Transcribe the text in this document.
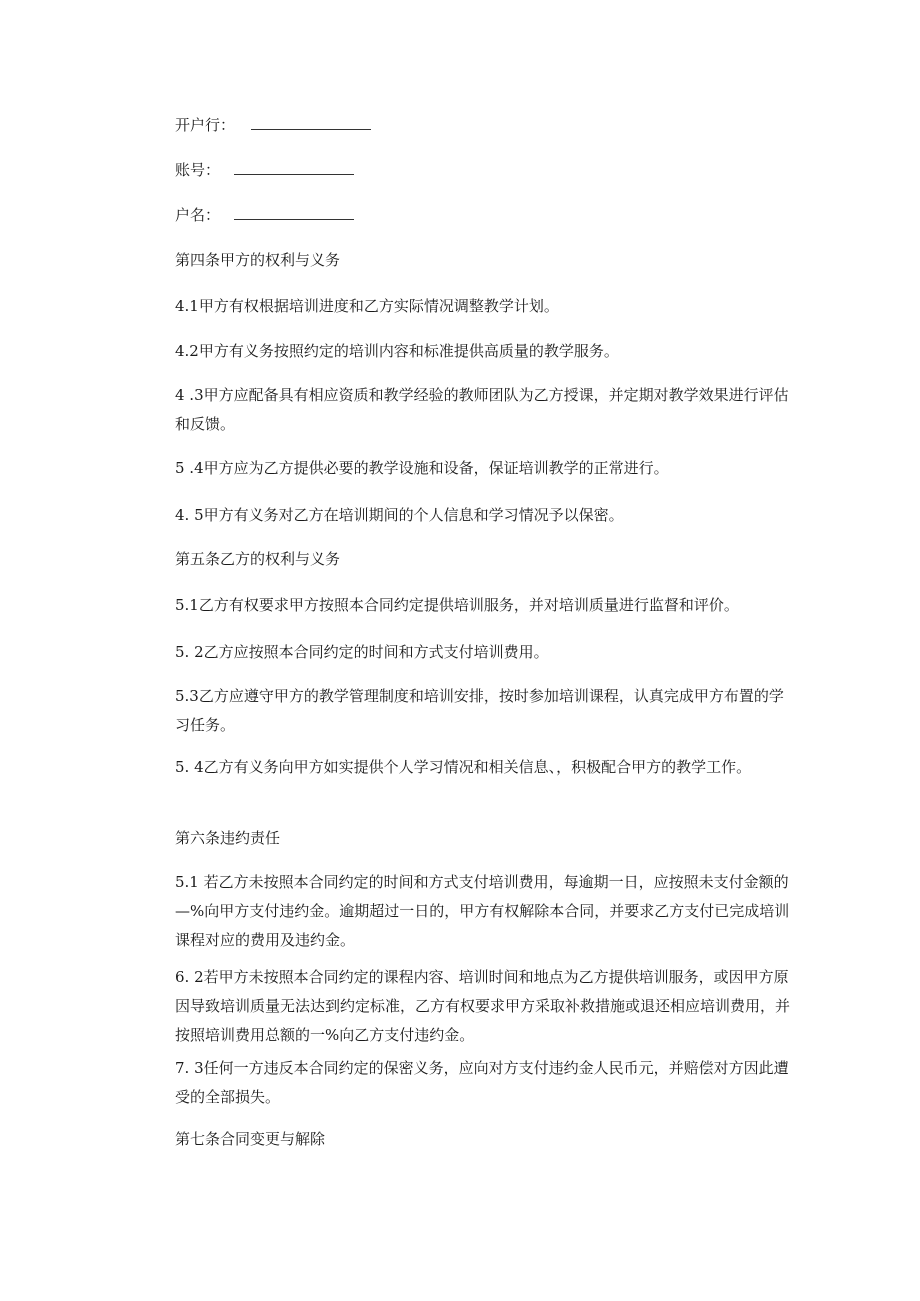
开户行：
账号：
户名：
第四条甲方的权利与义务
4.1甲方有权根据培训进度和乙方实际情况调整教学计划。
4.2甲方有义务按照约定的培训内容和标准提供高质量的教学服务。
4 .3甲方应配备具有相应资质和教学经验的教师团队为乙方授课，并定期对教学效果进行评估和反馈。
5 .4甲方应为乙方提供必要的教学设施和设备，保证培训教学的正常进行。
4. 5甲方有义务对乙方在培训期间的个人信息和学习情况予以保密。
第五条乙方的权利与义务
5.1乙方有权要求甲方按照本合同约定提供培训服务，并对培训质量进行监督和评价。
5. 2乙方应按照本合同约定的时间和方式支付培训费用。
5.3乙方应遵守甲方的教学管理制度和培训安排，按时参加培训课程，认真完成甲方布置的学习任务。
5. 4乙方有义务向甲方如实提供个人学习情况和相关信息、，积极配合甲方的教学工作。
第六条违约责任
5.1 若乙方未按照本合同约定的时间和方式支付培训费用，每逾期一日，应按照未支付金额的—%向甲方支付违约金。逾期超过一日的，甲方有权解除本合同，并要求乙方支付已完成培训课程对应的费用及违约金。
6. 2若甲方未按照本合同约定的课程内容、培训时间和地点为乙方提供培训服务，或因甲方原因导致培训质量无法达到约定标准，乙方有权要求甲方采取补救措施或退还相应培训费用，并按照培训费用总额的一%向乙方支付违约金。
7. 3任何一方违反本合同约定的保密义务，应向对方支付违约金人民币元，并赔偿对方因此遭受的全部损失。
第七条合同变更与解除
